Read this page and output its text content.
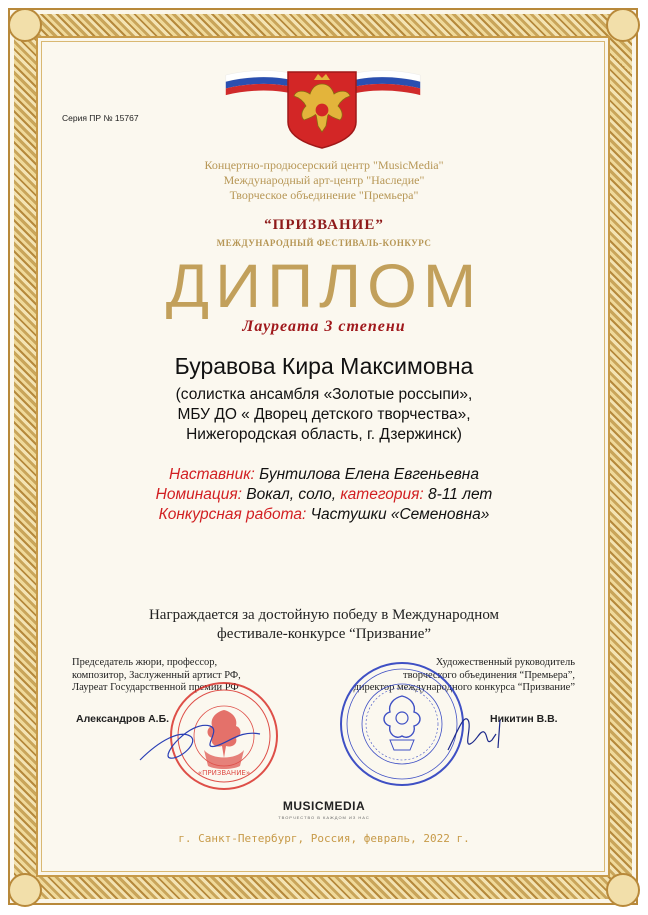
Серия ПР № 15767
Концертно-продюсерский центр "MusicMedia"
Международный арт-центр "Наследие"
Творческое объединение "Премьера"
“ПРИЗВАНИЕ”
МЕЖДУНАРОДНЫЙ ФЕСТИВАЛЬ-КОНКУРС
ДИПЛОМ
Лауреата 3 степени
Буравова Кира Максимовна
(солистка ансамбля «Золотые россыпи»,
МБУ ДО « Дворец детского творчества»,
Нижегородская область, г. Дзержинск)
Наставник: Бунтилова Елена Евгеньевна
Номинация: Вокал, соло, категория: 8-11 лет
Конкурсная работа: Частушки «Семеновна»
Награждается за достойную победу в Международном
фестивале-конкурсе “Призвание”
Председатель жюри, профессор,
композитор, Заслуженный артист РФ,
Лауреат Государственной премии РФ
Александров А.Б.
Художественный руководитель
творческого объединения “Премьера”,
директор международного конкурса “Призвание”
Никитин В.В.
«ПРИЗВАНИЕ»
MUSICMEDIA
ТВОРЧЕСТВО В КАЖДОМ ИЗ НАС
г. Санкт-Петербург, Россия, февраль, 2022 г.
